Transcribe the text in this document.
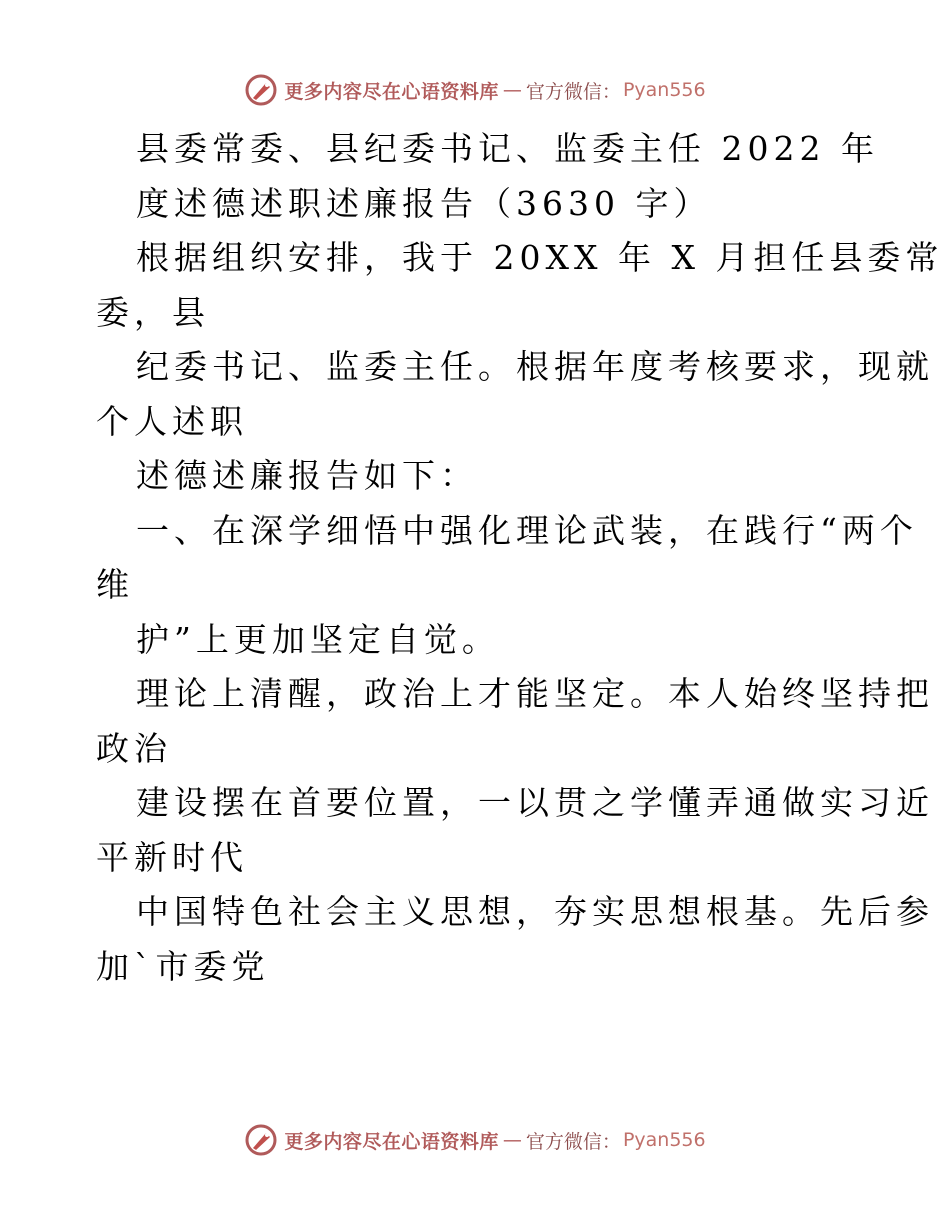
更多内容尽在心语资料库 — 官方微信： Pyan556
县委常委、县纪委书记、监委主任 2022 年
度述德述职述廉报告（3630 字）
根据组织安排，我于 20XX 年 X 月担任县委常
委，县
纪委书记、监委主任。根据年度考核要求，现就
个人述职
述德述廉报告如下：
一、在深学细悟中强化理论武装，在践行“两个
维
护”上更加坚定自觉。
理论上清醒，政治上才能坚定。本人始终坚持把
政治
建设摆在首要位置，一以贯之学懂弄通做实习近
平新时代
中国特色社会主义思想，夯实思想根基。先后参
加`市委党
更多内容尽在心语资料库 — 官方微信： Pyan556
